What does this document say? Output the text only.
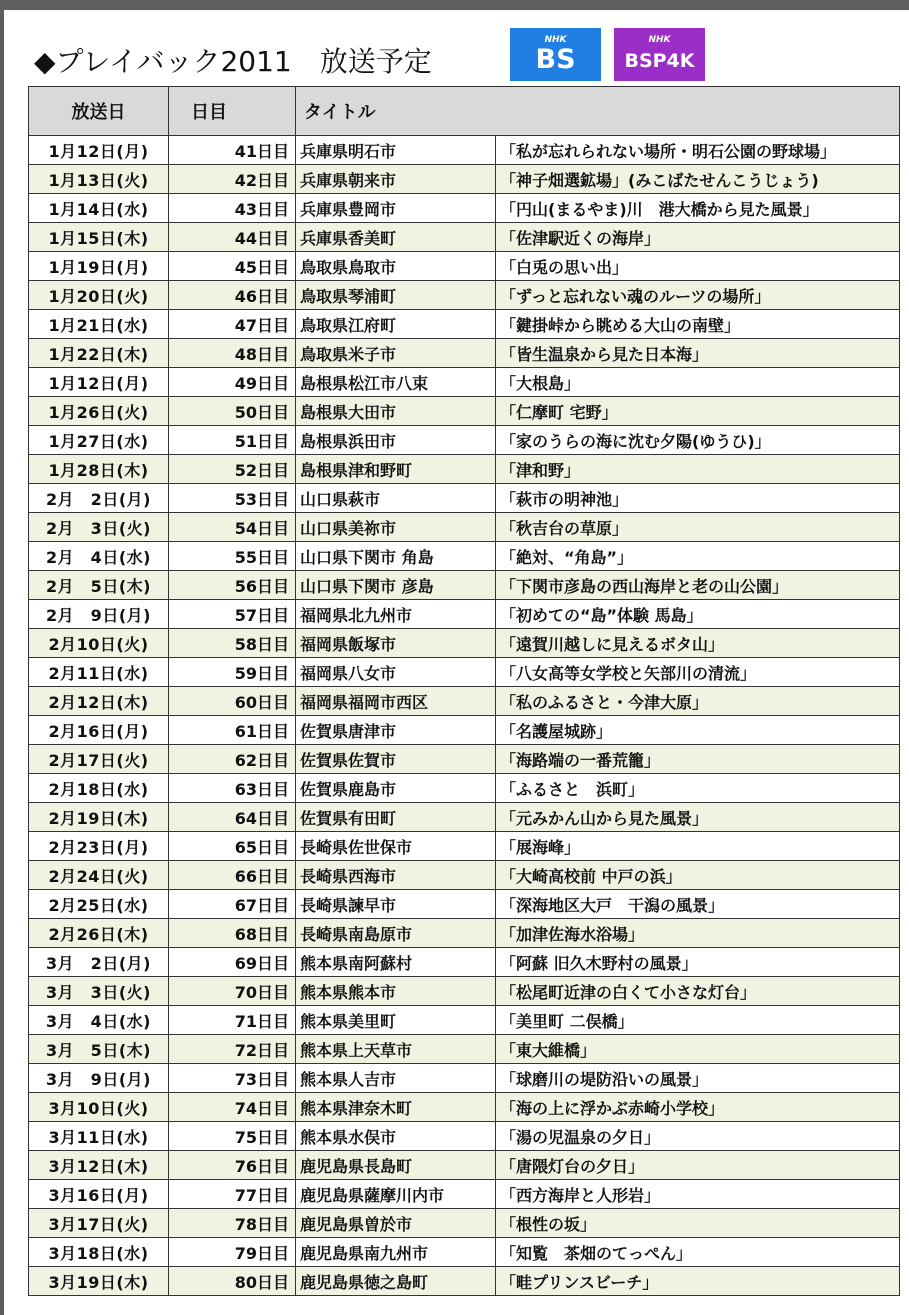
◆プレイバック2011　放送予定
NHK
BS
NHK
BSP4K
放送日	日目	タイトル	
1月12日(月)	41日目	兵庫県明石市	「私が忘れられない場所・明石公園の野球場」
1月13日(火)	42日目	兵庫県朝来市	「神子畑選鉱場」(みこばたせんこうじょう)
1月14日(水)	43日目	兵庫県豊岡市	「円山(まるやま)川　港大橋から見た風景」
1月15日(木)	44日目	兵庫県香美町	「佐津駅近くの海岸」
1月19日(月)	45日目	鳥取県鳥取市	「白兎の思い出」
1月20日(火)	46日目	鳥取県琴浦町	「ずっと忘れない魂のルーツの場所」
1月21日(水)	47日目	鳥取県江府町	「鍵掛峠から眺める大山の南壁」
1月22日(木)	48日目	鳥取県米子市	「皆生温泉から見た日本海」
1月12日(月)	49日目	島根県松江市八束	「大根島」
1月26日(火)	50日目	島根県大田市	「仁摩町 宅野」
1月27日(水)	51日目	島根県浜田市	「家のうらの海に沈む夕陽(ゆうひ)」
1月28日(木)	52日目	島根県津和野町	「津和野」
2月　2日(月)	53日目	山口県萩市	「萩市の明神池」
2月　3日(火)	54日目	山口県美祢市	「秋吉台の草原」
2月　4日(水)	55日目	山口県下関市 角島	「絶対、“角島”」
2月　5日(木)	56日目	山口県下関市 彦島	「下関市彦島の西山海岸と老の山公園」
2月　9日(月)	57日目	福岡県北九州市	「初めての“島”体験 馬島」
2月10日(火)	58日目	福岡県飯塚市	「遠賀川越しに見えるボタ山」
2月11日(水)	59日目	福岡県八女市	「八女高等女学校と矢部川の清流」
2月12日(木)	60日目	福岡県福岡市西区	「私のふるさと・今津大原」
2月16日(月)	61日目	佐賀県唐津市	「名護屋城跡」
2月17日(火)	62日目	佐賀県佐賀市	「海路端の一番荒籠」
2月18日(水)	63日目	佐賀県鹿島市	「ふるさと　浜町」
2月19日(木)	64日目	佐賀県有田町	「元みかん山から見た風景」
2月23日(月)	65日目	長崎県佐世保市	「展海峰」
2月24日(火)	66日目	長崎県西海市	「大崎高校前 中戸の浜」
2月25日(水)	67日目	長崎県諫早市	「深海地区大戸　干潟の風景」
2月26日(木)	68日目	長崎県南島原市	「加津佐海水浴場」
3月　2日(月)	69日目	熊本県南阿蘇村	「阿蘇 旧久木野村の風景」
3月　3日(火)	70日目	熊本県熊本市	「松尾町近津の白くて小さな灯台」
3月　4日(水)	71日目	熊本県美里町	「美里町 二俣橋」
3月　5日(木)	72日目	熊本県上天草市	「東大維橋」
3月　9日(月)	73日目	熊本県人吉市	「球磨川の堤防沿いの風景」
3月10日(火)	74日目	熊本県津奈木町	「海の上に浮かぶ赤崎小学校」
3月11日(水)	75日目	熊本県水俣市	「湯の児温泉の夕日」
3月12日(木)	76日目	鹿児島県長島町	「唐隈灯台の夕日」
3月16日(月)	77日目	鹿児島県薩摩川内市	「西方海岸と人形岩」
3月17日(火)	78日目	鹿児島県曽於市	「根性の坂」
3月18日(水)	79日目	鹿児島県南九州市	「知覧　茶畑のてっぺん」
3月19日(木)	80日目	鹿児島県徳之島町	「畦プリンスビーチ」
